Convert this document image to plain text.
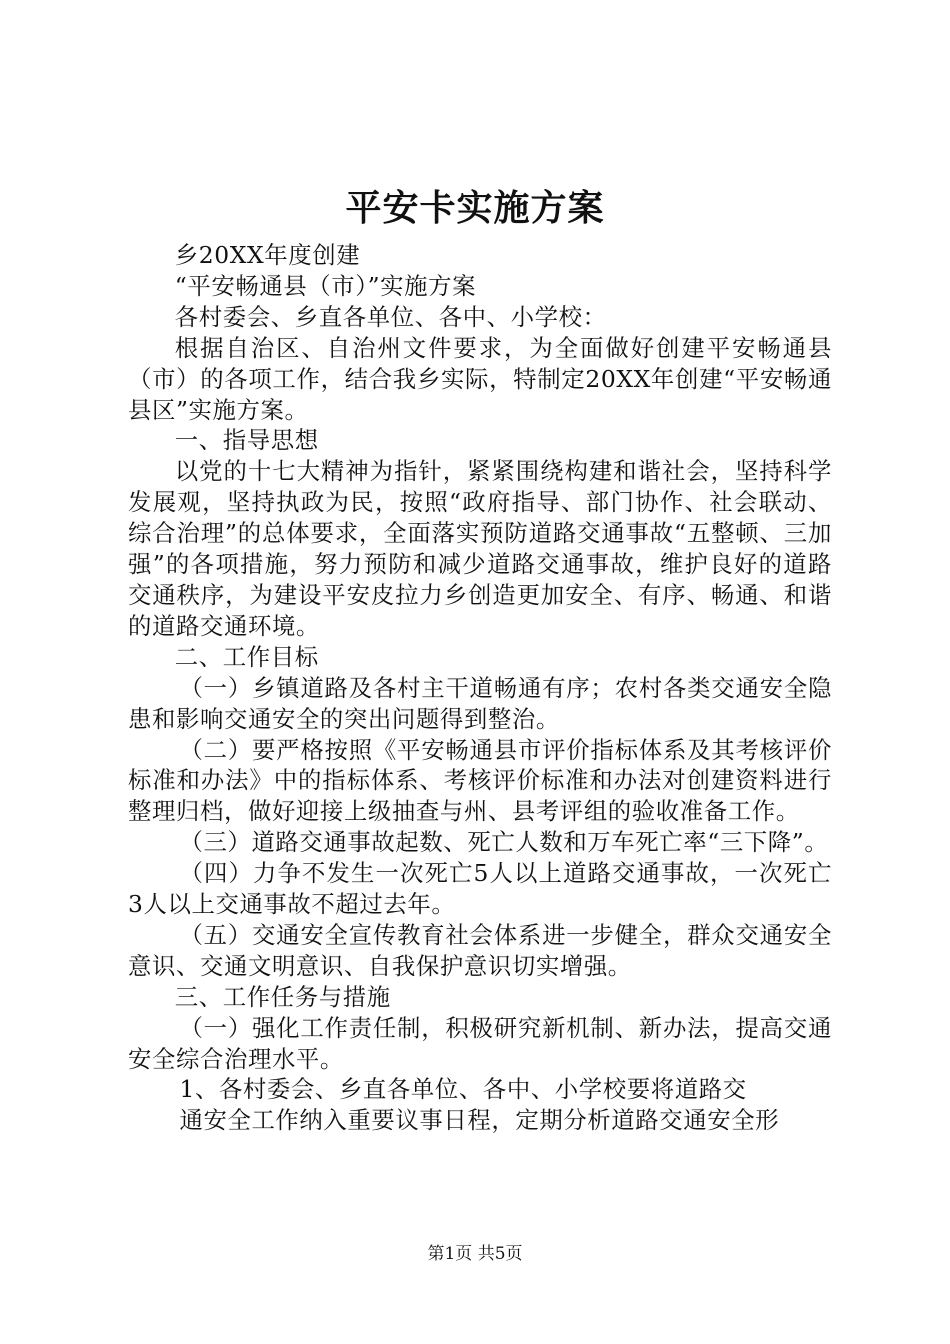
平安卡实施方案

乡20XX年度创建

“平安畅通县（市）”实施方案

各村委会、乡直各单位、各中、小学校：

根据自治区、自治州文件要求，为全面做好创建平安畅通县（市）的各项工作，结合我乡实际，特制定20XX年创建“平安畅通县区”实施方案。

一、指导思想

以党的十七大精神为指针，紧紧围绕构建和谐社会，坚持科学发展观，坚持执政为民，按照“政府指导、部门协作、社会联动、综合治理”的总体要求，全面落实预防道路交通事故“五整顿、三加强”的各项措施，努力预防和减少道路交通事故，维护良好的道路交通秩序，为建设平安皮拉力乡创造更加安全、有序、畅通、和谐的道路交通环境。

二、工作目标

（一）乡镇道路及各村主干道畅通有序；农村各类交通安全隐患和影响交通安全的突出问题得到整治。

（二）要严格按照《平安畅通县市评价指标体系及其考核评价标准和办法》中的指标体系、考核评价标准和办法对创建资料进行整理归档，做好迎接上级抽查与州、县考评组的验收准备工作。

（三）道路交通事故起数、死亡人数和万车死亡率“三下降”。

（四）力争不发生一次死亡5人以上道路交通事故，一次死亡3人以上交通事故不超过去年。

（五）交通安全宣传教育社会体系进一步健全，群众交通安全意识、交通文明意识、自我保护意识切实增强。

三、工作任务与措施

（一）强化工作责任制，积极研究新机制、新办法，提高交通安全综合治理水平。

1、各村委会、乡直各单位、各中、小学校要将道路交

通安全工作纳入重要议事日程，定期分析道路交通安全形

第1页 共5页
